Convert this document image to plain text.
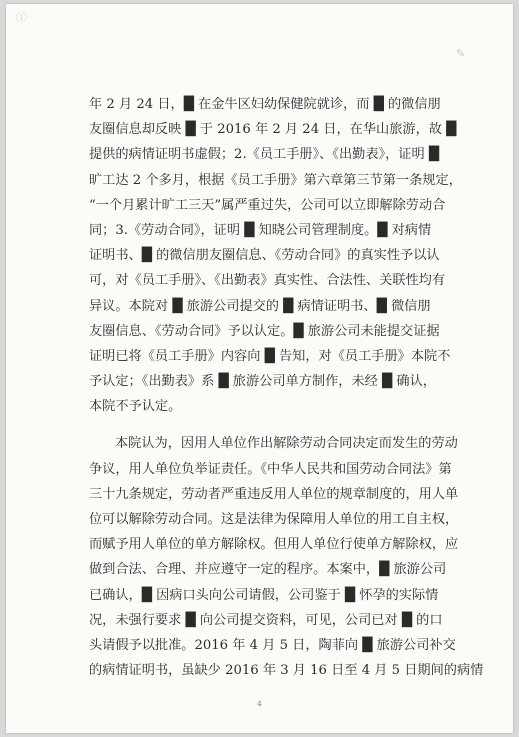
ⓘ
✎
年 2 月 24 日，█ 在金牛区妇幼保健院就诊，而 █ 的微信朋
友圈信息却反映 █ 于 2016 年 2 月 24 日，在华山旅游，故 █
提供的病情证明书虚假；2.《员工手册》、《出勤表》，证明 █
旷工达 2 个多月，根据《员工手册》第六章第三节第一条规定，
“一个月累计旷工三天”属严重过失，公司可以立即解除劳动合
同；3.《劳动合同》，证明 █ 知晓公司管理制度。█ 对病情
证明书、█ 的微信朋友圈信息、《劳动合同》的真实性予以认
可，对《员工手册》、《出勤表》真实性、合法性、关联性均有
异议。本院对 █ 旅游公司提交的 █ 病情证明书、█ 微信朋
友圈信息、《劳动合同》予以认定。█ 旅游公司未能提交证据
证明已将《员工手册》内容向 █ 告知，对《员工手册》本院不
予认定；《出勤表》系 █ 旅游公司单方制作，未经 █ 确认，
本院不予认定。
本院认为，因用人单位作出解除劳动合同决定而发生的劳动
争议，用人单位负举证责任。《中华人民共和国劳动合同法》第
三十九条规定，劳动者严重违反用人单位的规章制度的，用人单
位可以解除劳动合同。这是法律为保障用人单位的用工自主权，
而赋予用人单位的单方解除权。但用人单位行使单方解除权，应
做到合法、合理、并应遵守一定的程序。本案中，█ 旅游公司
已确认，█ 因病口头向公司请假，公司鉴于 █ 怀孕的实际情
况，未强行要求 █ 向公司提交资料，可见，公司已对 █ 的口
头请假予以批准。2016 年 4 月 5 日，陶菲向 █ 旅游公司补交
的病情证明书，虽缺少 2016 年 3 月 16 日至 4 月 5 日期间的病情
4
